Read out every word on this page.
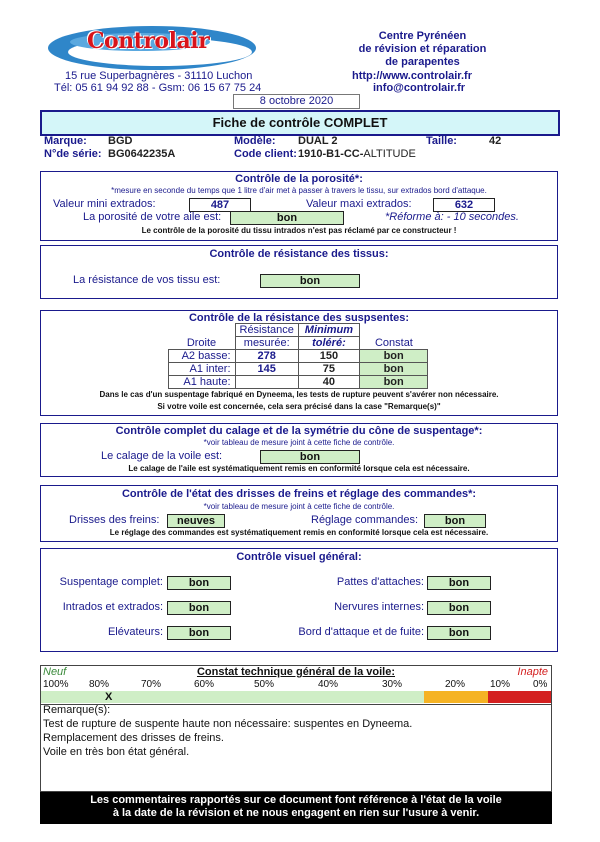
Controlair
15 rue Superbagnères - 31110 Luchon
Tél: 05 61 94 92 88 - Gsm: 06 15 67 75 24
Centre Pyrénéen
de révision et réparation
de parapentes
http://www.controlair.fr
info@controlair.fr
8 octobre 2020
Fiche de contrôle COMPLET
Marque: BGD	Modèle: DUAL 2	Taille:	42
N°de série: BG0642235A	Code client: 1910-B1-CC-ALTITUDE
Contrôle de la porosité*:
*mesure en seconde du temps que 1 litre d'air met à passer à travers le tissu, sur extrados bord d'attaque.
Valeur mini extrados:	487	Valeur maxi extrados:	632
La porosité de votre aile est:	bon	*Réforme à: - 10 secondes.
Le contrôle de la porosité du tissu intrados n'est pas réclamé par ce constructeur !
Contrôle de résistance des tissus:
La résistance de vos tissu est:	bon
Contrôle de la résistance des suspsentes:
Droite	Résistance	Minimum	Constat
	mesurée:	toléré:	
A2 basse:	278	150	bon
A1 inter:	145	75	bon
A1 haute:		40	bon
Dans le cas d'un suspentage fabriqué en Dyneema, les tests de rupture peuvent s'avérer non nécessaire.
Si votre voile est concernée, cela sera précisé dans la case "Remarque(s)"
Contrôle complet du calage et de la symétrie du cône de suspentage*:
*voir tableau de mesure joint à cette fiche de contrôle.
Le calage de la voile est:	bon
Le calage de l'aile est systématiquement remis en conformité lorsque cela est nécessaire.
Contrôle de l'état des drisses de freins et réglage des commandes*:
*voir tableau de mesure joint à cette fiche de contrôle.
Drisses des freins:	neuves	Réglage commandes:	bon
Le réglage des commandes est systématiquement remis en conformité lorsque cela est nécessaire.
Contrôle visuel général:
Suspentage complet:	bon	Pattes d'attaches:	bon
Intrados et extrados:	bon	Nervures internes:	bon
Elévateurs:	bon	Bord d'attaque et de fuite:	bon
Neuf	Constat technique général de la voile:	Inapte
100% 80%	70%	60%	50%	40%	30%	20% 10% 0%
X
Remarque(s):
Test de rupture de suspente haute non nécessaire: suspentes en Dyneema.
Remplacement des drisses de freins.
Voile en très bon état général.
Les commentaires rapportés sur ce document font référence à l'état de la voile
à la date de la révision et ne nous engagent en rien sur l'usure à venir.
